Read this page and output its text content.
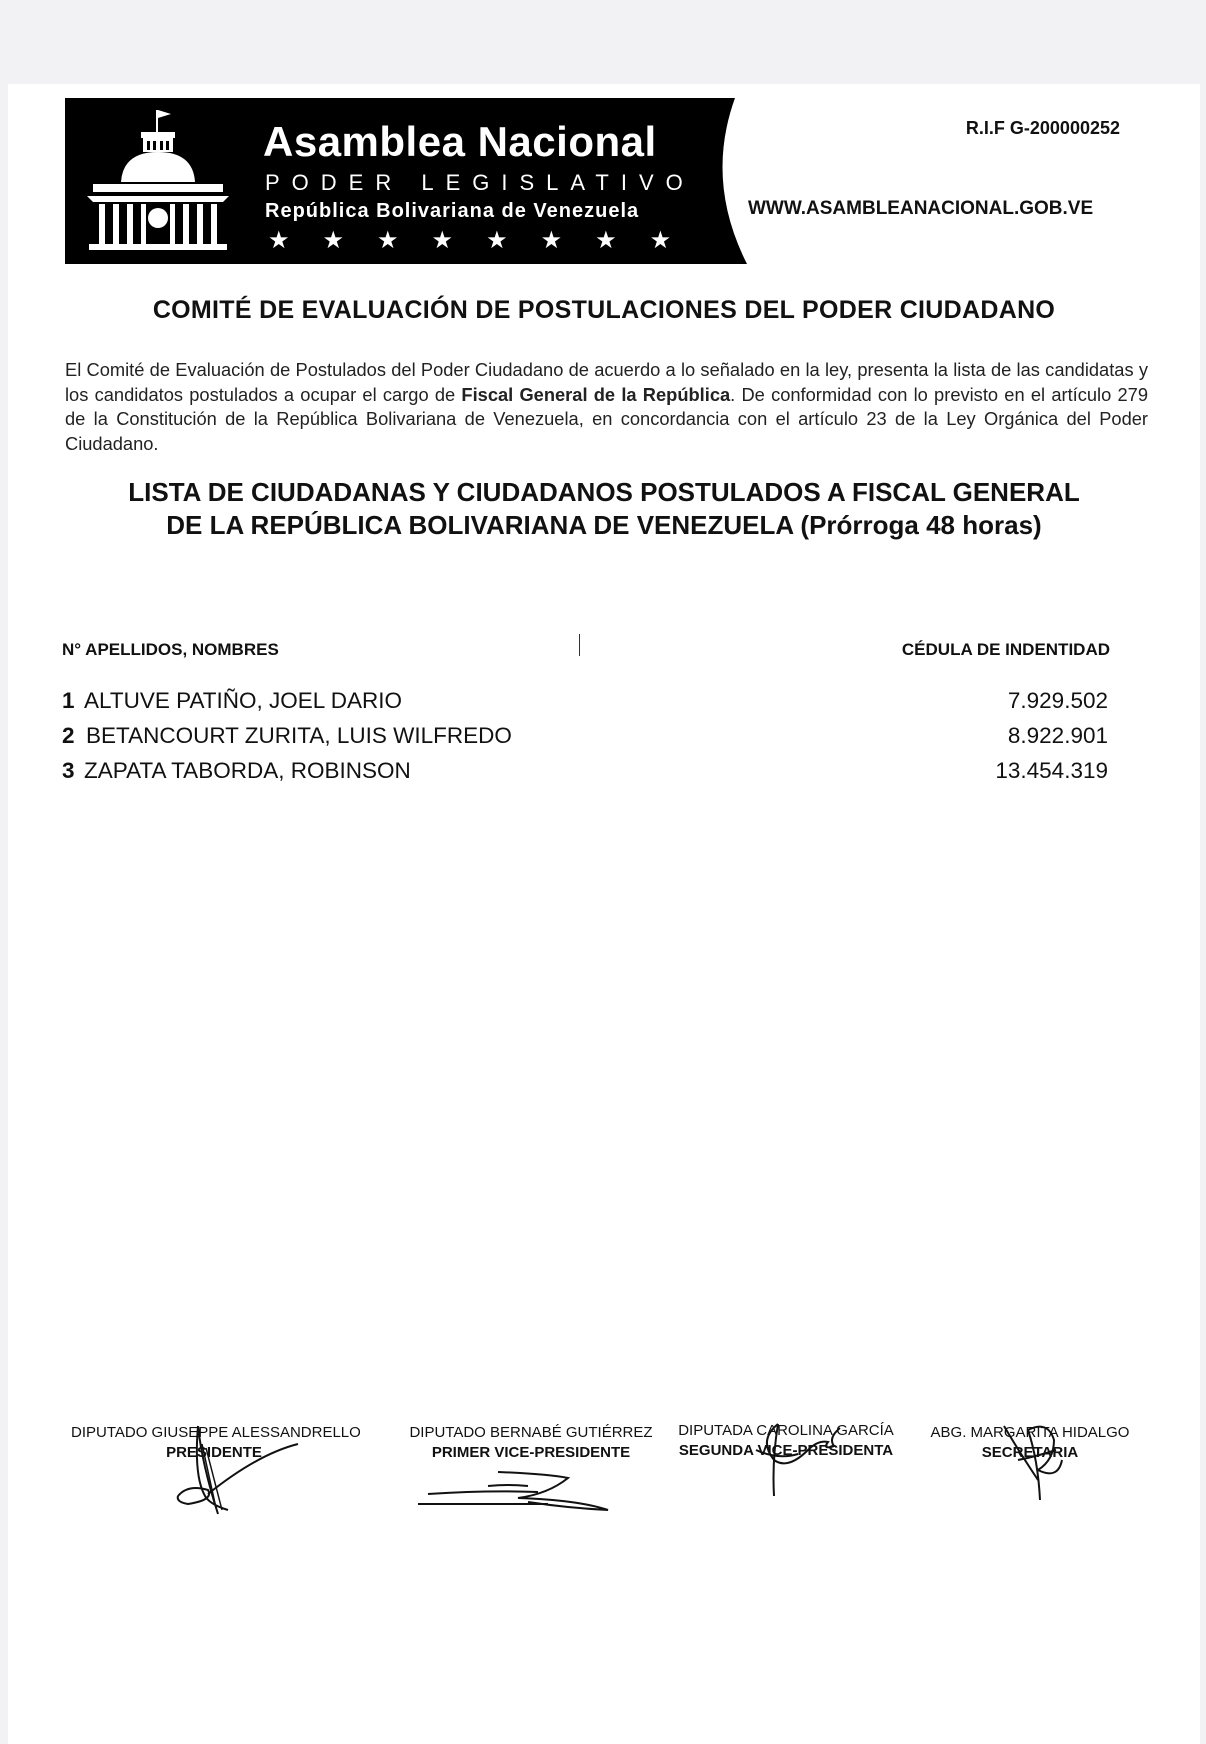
Asamblea Nacional
PODER LEGISLATIVO
República Bolivariana de Venezuela
★★★★★★★★
R.I.F G-200000252
WWW.ASAMBLEANACIONAL.GOB.VE
COMITÉ DE EVALUACIÓN DE POSTULACIONES DEL PODER CIUDADANO
El Comité de Evaluación de Postulados del Poder Ciudadano de acuerdo a lo señalado en la ley, presenta la lista de las candidatas y los candidatos postulados a ocupar el cargo de Fiscal General de la República. De conformidad con lo previsto en el artículo 279 de la Constitución de la República Bolivariana de Venezuela, en concordancia con el artículo 23 de la Ley Orgánica del Poder Ciudadano.
LISTA DE CIUDADANAS Y CIUDADANOS POSTULADOS A FISCAL GENERAL
DE LA REPÚBLICA BOLIVARIANA DE VENEZUELA (Prórroga 48 horas)
N° APELLIDOS, NOMBRES	CÉDULA DE INDENTIDAD
1 ALTUVE PATIÑO, JOEL DARIO	7.929.502
2 BETANCOURT ZURITA, LUIS WILFREDO	8.922.901
3 ZAPATA TABORDA, ROBINSON	13.454.319
DIPUTADO GIUSEPPE ALESSANDRELLO
PRESIDENTE
DIPUTADO BERNABÉ GUTIÉRREZ
PRIMER VICE-PRESIDENTE
DIPUTADA CAROLINA GARCÍA
SEGUNDA VICE-PRESIDENTA
ABG. MARGARITA HIDALGO
SECRETARIA
